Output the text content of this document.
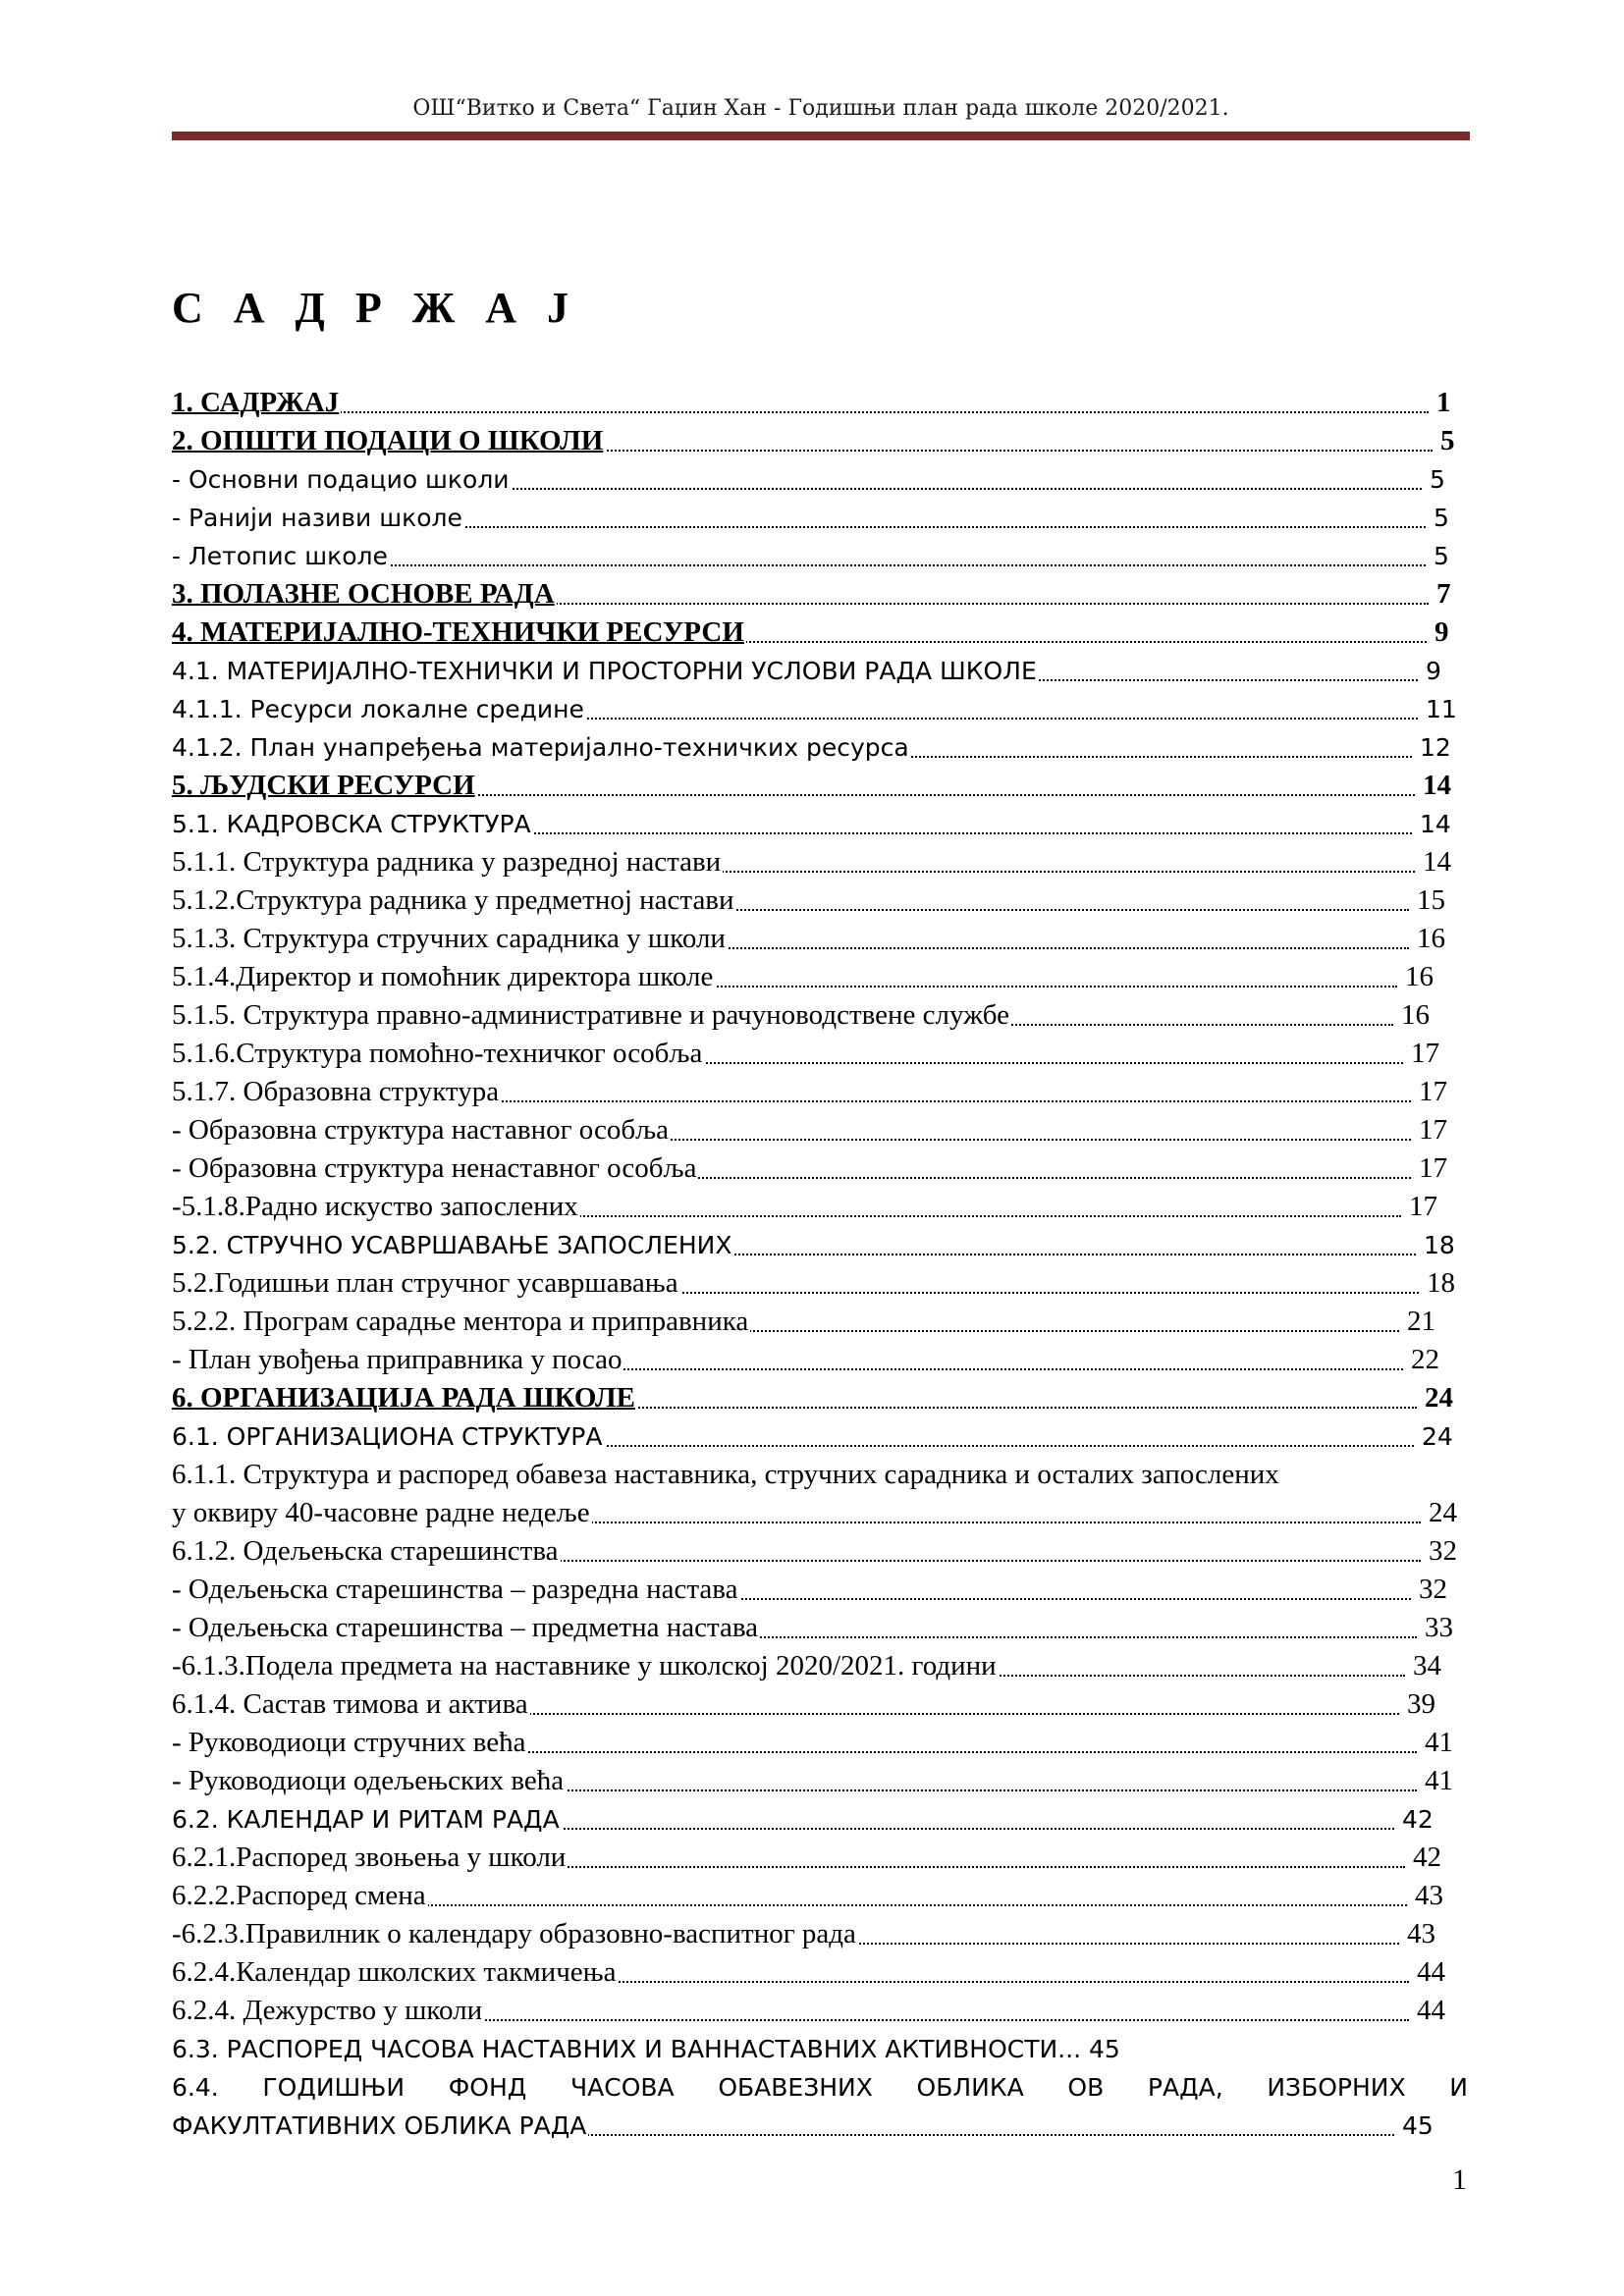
ОШ“Витко и Света“ Гаџин Хан - Годишњи план рада школе 2020/2021.
С А Д Р Ж А Ј
1. САДРЖАЈ	1
2. ОПШТИ ПОДАЦИ О ШКОЛИ	5
- Основни подацио школи	5
- Ранији називи школе	5
- Летопис школе	5
3. ПОЛАЗНЕ ОСНОВЕ РАДА	7
4. МАТЕРИЈАЛНО-ТЕХНИЧКИ РЕСУРСИ	9
4.1. МАТЕРИЈАЛНО-ТЕХНИЧКИ И ПРОСТОРНИ УСЛОВИ РАДА ШКОЛЕ	9
4.1.1. Ресурси локалне средине	11
4.1.2. План унапређења материјално-техничких ресурса	12
5. ЉУДСКИ РЕСУРСИ	14
5.1. КАДРОВСКА СТРУКТУРА	14
5.1.1. Структура радника у разредној настави	14
5.1.2.Структура радника у предметној настави	15
5.1.3. Структура стручних сарадника у школи	16
5.1.4.Директор и помоћник директора школе	16
5.1.5. Структура правно-административне и рачуноводствене службе	16
5.1.6.Структура помоћно-техничког особља	17
5.1.7. Образовна структура	17
- Образовна структура наставног особља	17
- Образовна структура ненаставног особља	17
-5.1.8.Радно искуство запослених	17
5.2. СТРУЧНО УСАВРШАВАЊЕ ЗАПОСЛЕНИХ	18
5.2.Годишњи план стручног усавршавања	18
5.2.2. Програм сарадње ментора и приправника	21
- План увођења приправника у посао	22
6. ОРГАНИЗАЦИЈА РАДА ШКОЛЕ	24
6.1. ОРГАНИЗАЦИОНА СТРУКТУРА	24
6.1.1. Структура и распоред обавеза наставника, стручних сарадника и осталих запослених
у оквиру 40-часовне радне недеље	24
6.1.2. Одељењска старешинства	32
- Одељењска старешинства – разредна настава	32
- Одељењска старешинства – предметна настава	33
-6.1.3.Подела предмета на наставнике у школској 2020/2021. години	34
6.1.4. Састав тимова и актива	39
- Руководиоци стручних већа	41
- Руководиоци одељењских већа	41
6.2. КАЛЕНДАР И РИТАМ РАДА	42
6.2.1.Распоред звоњења у школи	42
6.2.2.Распоред смена	43
-6.2.3.Правилник о календару образовно-васпитног рада	43
6.2.4.Календар школских такмичења	44
6.2.4. Дежурство у школи	44
6.3. РАСПОРЕД ЧАСОВА НАСТАВНИХ И ВАННАСТАВНИХ АКТИВНОСТИ... 45
6.4. ГОДИШЊИ ФОНД ЧАСОВА ОБАВЕЗНИХ ОБЛИКА ОВ РАДА, ИЗБОРНИХ И
ФАКУЛТАТИВНИХ ОБЛИКА РАДА	45
1
